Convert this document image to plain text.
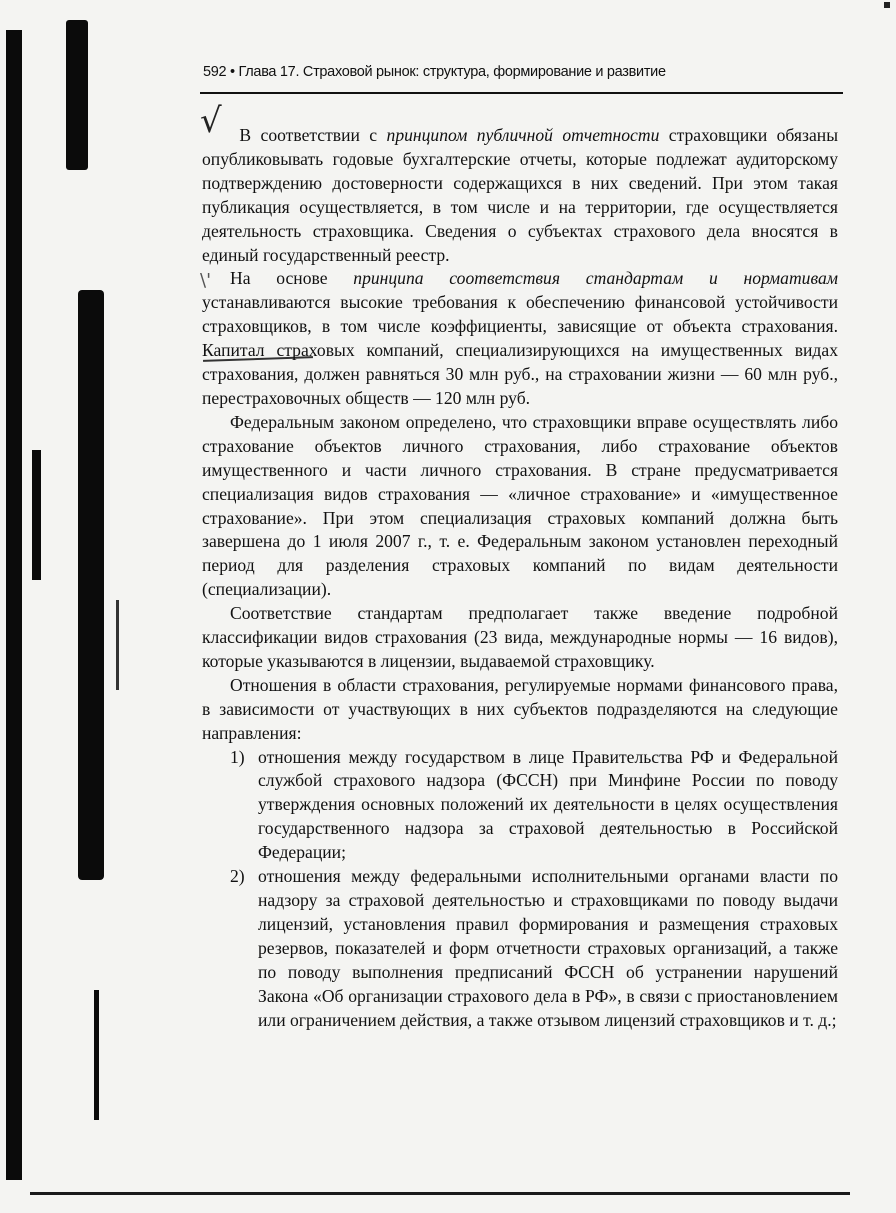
592 • Глава 17. Страховой рынок: структура, формирование и развитие
√
\'

В соответствии с принципом публичной отчетности страховщики обязаны опубликовывать годовые бухгалтерские отчеты, которые подлежат аудиторскому подтверждению достоверности содержащихся в них сведений. При этом такая публикация осуществляется, в том числе и на территории, где осуществляется деятельность страховщика. Сведения о субъектах страхового дела вносятся в единый государственный реестр.

На основе принципа соответствия стандартам и нормативам устанавливаются высокие требования к обеспечению финансовой устойчивости страховщиков, в том числе коэффициенты, зависящие от объекта страхования. Капитал страховых компаний, специализирующихся на имущественных видах страхования, должен равняться 30 млн руб., на страховании жизни — 60 млн руб., перестраховочных обществ — 120 млн руб.

Федеральным законом определено, что страховщики вправе осуществлять либо страхование объектов личного страхования, либо страхование объектов имущественного и части личного страхования. В стране предусматривается специализация видов страхования — «личное страхование» и «имущественное страхование». При этом специализация страховых компаний должна быть завершена до 1 июля 2007 г., т. е. Федеральным законом установлен переходный период для разделения страховых компаний по видам деятельности (специализации).

Соответствие стандартам предполагает также введение подробной классификации видов страхования (23 вида, международные нормы — 16 видов), которые указываются в лицензии, выдаваемой страховщику.

Отношения в области страхования, регулируемые нормами финансового права, в зависимости от участвующих в них субъектов подразделяются на следующие направления:

1) отношения между государством в лице Правительства РФ и Федеральной службой страхового надзора (ФССН) при Минфине России по поводу утверждения основных положений их деятельности в целях осуществления государственного надзора за страховой деятельностью в Российской Федерации;
2) отношения между федеральными исполнительными органами власти по надзору за страховой деятельностью и страховщиками по поводу выдачи лицензий, установления правил формирования и размещения страховых резервов, показателей и форм отчетности страховых организаций, а также по поводу выполнения предписаний ФССН об устранении нарушений Закона «Об организации страхового дела в РФ», в связи с приостановлением или ограничением действия, а также отзывом лицензий страховщиков и т. д.;
